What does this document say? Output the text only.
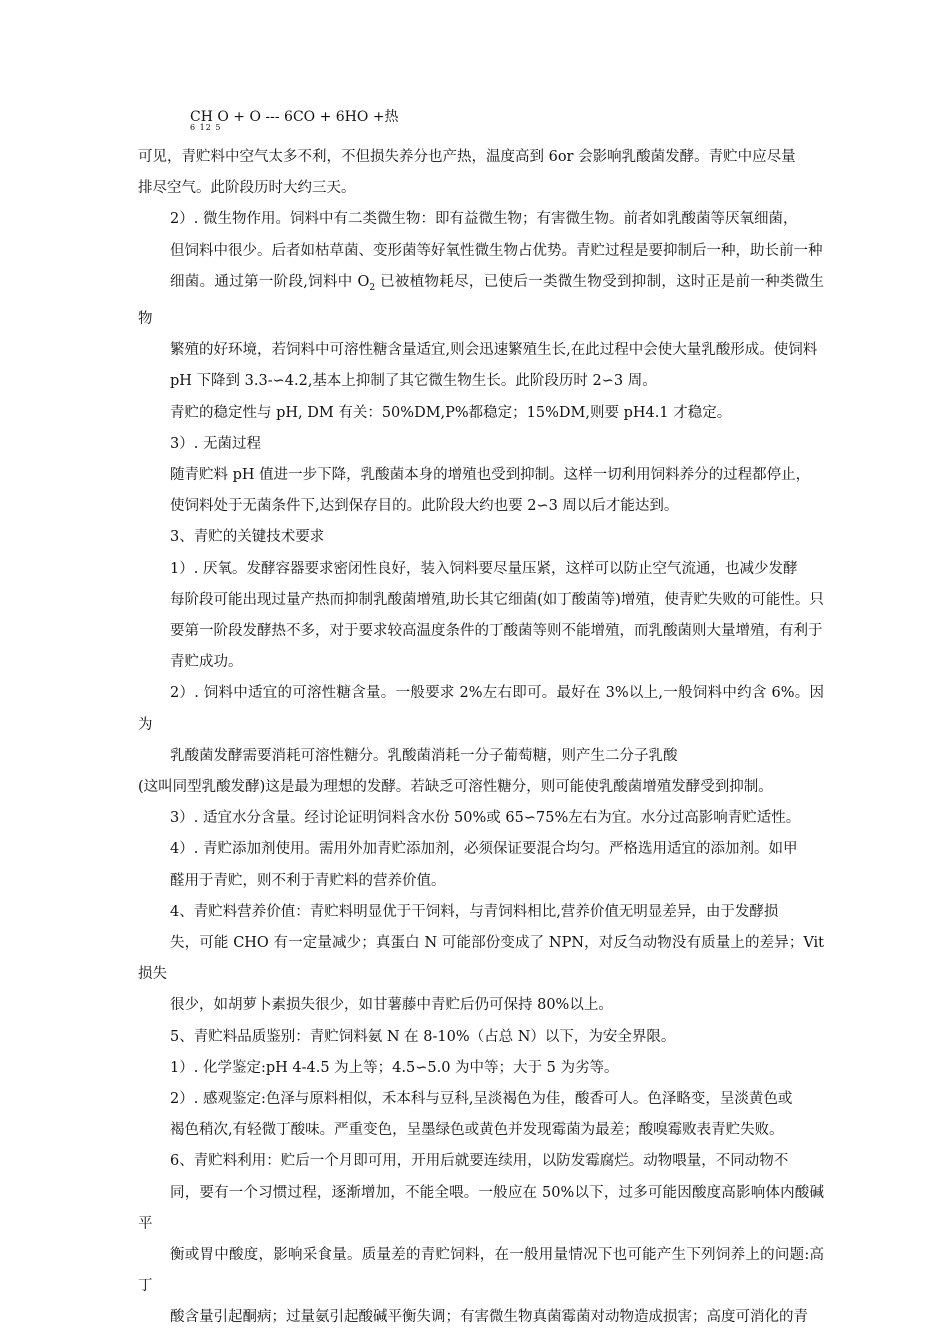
CH O + O --- 6CO + 6HO +热
6 12 5

可见，青贮料中空气太多不利，不但损失养分也产热，温度高到 6or 会影响乳酸菌发酵。青贮中应尽量
排尽空气。此阶段历时大约三天。

2）. 微生物作用。饲料中有二类微生物：即有益微生物；有害微生物。前者如乳酸菌等厌氧细菌，
但饲料中很少。后者如枯草菌、变形菌等好氧性微生物占优势。青贮过程是要抑制后一种，助长前一种
细菌。通过第一阶段,饲料中 $O_2$ 已被植物耗尽，已使后一类微生物受到抑制，这时正是前一种类微生物
繁殖的好环境，若饲料中可溶性糖含量适宜,则会迅速繁殖生长,在此过程中会使大量乳酸形成。使饲料
pH 下降到 3.3-∽4.2,基本上抑制了其它微生物生长。此阶段历时 2∽3 周。

青贮的稳定性与 pH, DM 有关：50%DM,P%都稳定；15%DM,则要 pH4.1 才稳定。

3）. 无菌过程

随青贮料 pH 值进一步下降，乳酸菌本身的增殖也受到抑制。这样一切利用饲料养分的过程都停止，
使饲料处于无菌条件下,达到保存目的。此阶段大约也要 2∽3 周以后才能达到。

3、青贮的关键技术要求

1）. 厌氧。发酵容器要求密闭性良好，装入饲料要尽量压紧，这样可以防止空气流通，也减少发酵
每阶段可能出现过量产热而抑制乳酸菌增殖,助长其它细菌(如丁酸菌等)增殖，使青贮失败的可能性。只
要第一阶段发酵热不多，对于要求较高温度条件的丁酸菌等则不能增殖，而乳酸菌则大量增殖，有利于
青贮成功。

2）. 饲料中适宜的可溶性糖含量。一般要求 2%左右即可。最好在 3%以上,一般饲料中约含 6%。因为
乳酸菌发酵需要消耗可溶性糖分。乳酸菌消耗一分子葡萄糖，则产生二分子乳酸
(这叫同型乳酸发酵)这是最为理想的发酵。若缺乏可溶性糖分，则可能使乳酸菌增殖发酵受到抑制。

3）. 适宜水分含量。经讨论证明饲料含水份 50%或 65∽75%左右为宜。水分过高影响青贮适性。

4）. 青贮添加剂使用。需用外加青贮添加剂，必须保证要混合均匀。严格选用适宜的添加剂。如甲
醛用于青贮，则不利于青贮料的营养价值。

4、青贮料营养价值：青贮料明显优于干饲料，与青饲料相比,营养价值无明显差异，由于发酵损
失，可能 CHO 有一定量减少；真蛋白 N 可能部份变成了 NPN，对反刍动物没有质量上的差异；Vit 损失
很少，如胡萝卜素损失很少，如甘薯藤中青贮后仍可保持 80%以上。

5、青贮料品质鉴别：青贮饲料氨 N 在 8-10%（占总 N）以下，为安全界限。

1）. 化学鉴定:pH 4-4.5 为上等；4.5∽5.0 为中等；大于 5 为劣等。

2）. 感观鉴定:色泽与原料相似，禾本科与豆科,呈淡褐色为佳，酸香可人。色泽略变，呈淡黄色或
褐色稍次,有轻微丁酸味。严重变色，呈墨绿色或黄色并发现霉菌为最差；酸嗅霉败表青贮失败。

6、青贮料利用：贮后一个月即可用，开用后就要连续用，以防发霉腐烂。动物喂量，不同动物不
同，要有一个习惯过程，逐渐增加，不能全喂。一般应在 50%以下，过多可能因酸度高影响体内酸碱平
衡或胃中酸度，影响采食量。质量差的青贮饲料，在一般用量情况下也可能产生下列饲养上的问题:高丁
酸含量引起酮病；过量氨引起酸碱平衡失调；有害微生物真菌霉菌对动物造成损害；高度可消化的青
